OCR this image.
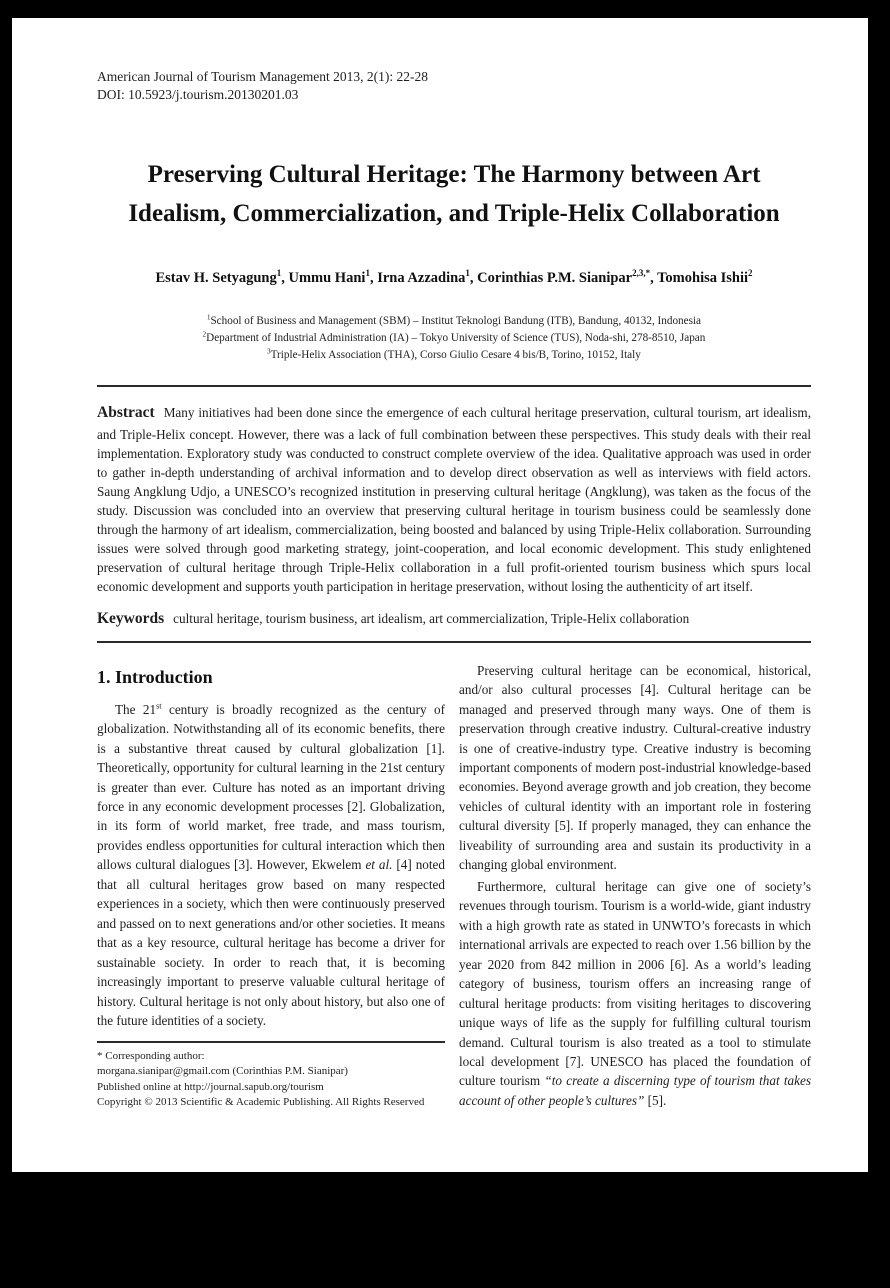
American Journal of Tourism Management 2013, 2(1): 22-28
DOI: 10.5923/j.tourism.20130201.03
Preserving Cultural Heritage: The Harmony between Art Idealism, Commercialization, and Triple-Helix Collaboration
Estav H. Setyagung$^1$, Ummu Hani$^1$, Irna Azzadina$^1$, Corinthias P.M. Sianipar$^{2,3,*}$, Tomohisa Ishii$^2$
$^1$School of Business and Management (SBM) – Institut Teknologi Bandung (ITB), Bandung, 40132, Indonesia
$^2$Department of Industrial Administration (IA) – Tokyo University of Science (TUS), Noda-shi, 278-8510, Japan
$^3$Triple-Helix Association (THA), Corso Giulio Cesare 4 bis/B, Torino, 10152, Italy
Abstract Many initiatives had been done since the emergence of each cultural heritage preservation, cultural tourism, art idealism, and Triple-Helix concept. However, there was a lack of full combination between these perspectives. This study deals with their real implementation. Exploratory study was conducted to construct complete overview of the idea. Qualitative approach was used in order to gather in-depth understanding of archival information and to develop direct observation as well as interviews with field actors. Saung Angklung Udjo, a UNESCO’s recognized institution in preserving cultural heritage (Angklung), was taken as the focus of the study. Discussion was concluded into an overview that preserving cultural heritage in tourism business could be seamlessly done through the harmony of art idealism, commercialization, being boosted and balanced by using Triple-Helix collaboration. Surrounding issues were solved through good marketing strategy, joint-cooperation, and local economic development. This study enlightened preservation of cultural heritage through Triple-Helix collaboration in a full profit-oriented tourism business which spurs local economic development and supports youth participation in heritage preservation, without losing the authenticity of art itself.
Keywords cultural heritage, tourism business, art idealism, art commercialization, Triple-Helix collaboration
1. Introduction

The 21st century is broadly recognized as the century of globalization. Notwithstanding all of its economic benefits, there is a substantive threat caused by cultural globalization [1]. Theoretically, opportunity for cultural learning in the 21st century is greater than ever. Culture has noted as an important driving force in any economic development processes [2]. Globalization, in its form of world market, free trade, and mass tourism, provides endless opportunities for cultural interaction which then allows cultural dialogues [3]. However, Ekwelem et al. [4] noted that all cultural heritages grow based on many respected experiences in a society, which then were continuously preserved and passed on to next generations and/or other societies. It means that as a key resource, cultural heritage has become a driver for sustainable society. In order to reach that, it is becoming increasingly important to preserve valuable cultural heritage of history. Cultural heritage is not only about history, but also one of the future identities of a society.

* Corresponding author:
morgana.sianipar@gmail.com (Corinthias P.M. Sianipar)
Published online at http://journal.sapub.org/tourism
Copyright © 2013 Scientific & Academic Publishing. All Rights Reserved

Preserving cultural heritage can be economical, historical, and/or also cultural processes [4]. Cultural heritage can be managed and preserved through many ways. One of them is preservation through creative industry. Cultural-creative industry is one of creative-industry type. Creative industry is becoming important components of modern post-industrial knowledge-based economies. Beyond average growth and job creation, they become vehicles of cultural identity with an important role in fostering cultural diversity [5]. If properly managed, they can enhance the liveability of surrounding area and sustain its productivity in a changing global environment.

Furthermore, cultural heritage can give one of society’s revenues through tourism. Tourism is a world-wide, giant industry with a high growth rate as stated in UNWTO’s forecasts in which international arrivals are expected to reach over 1.56 billion by the year 2020 from 842 million in 2006 [6]. As a world’s leading category of business, tourism offers an increasing range of cultural heritage products: from visiting heritages to discovering unique ways of life as the supply for fulfilling cultural tourism demand. Cultural tourism is also treated as a tool to stimulate local development [7]. UNESCO has placed the foundation of culture tourism “to create a discerning type of tourism that takes account of other people’s cultures” [5].
